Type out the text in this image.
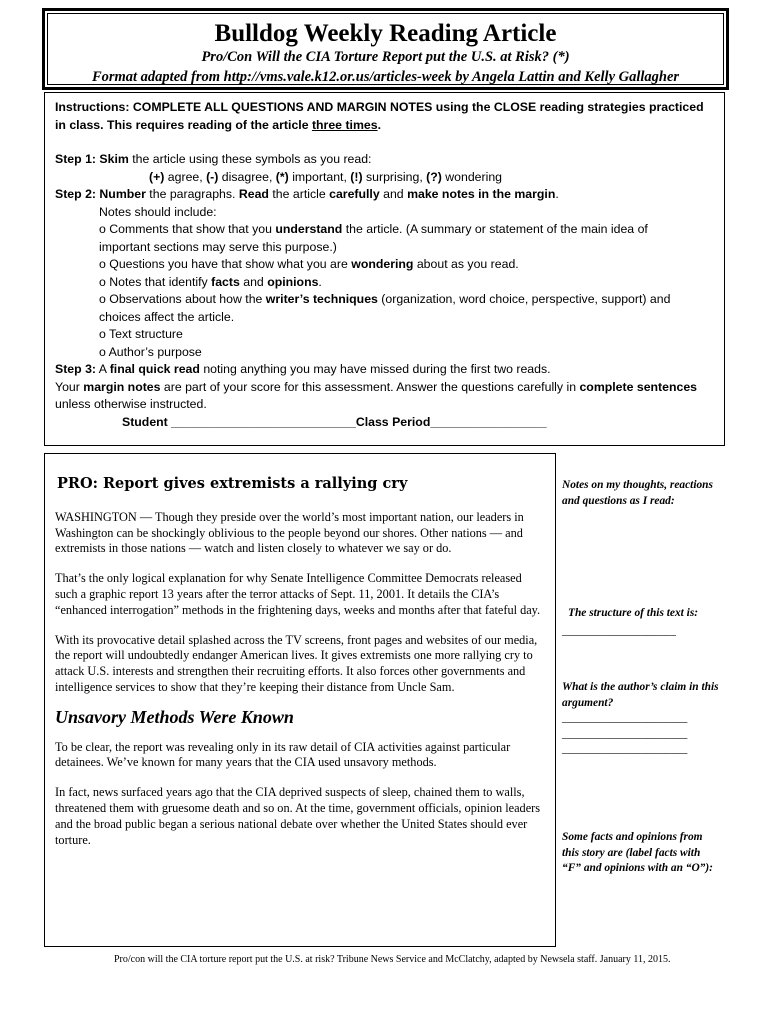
Bulldog Weekly Reading Article
Pro/Con Will the CIA Torture Report put the U.S. at Risk? (*)
Format adapted from http://vms.vale.k12.or.us/articles-week by Angela Lattin and Kelly Gallagher

Instructions: COMPLETE ALL QUESTIONS AND MARGIN NOTES using the CLOSE reading strategies practiced in class. This requires reading of the article three times.

Step 1: Skim the article using these symbols as you read:

(+) agree, (-) disagree, (*) important, (!) surprising, (?) wondering

Step 2: Number the paragraphs. Read the article carefully and make notes in the margin.

Notes should include:

o Comments that show that you understand the article. (A summary or statement of the main idea of

important sections may serve this purpose.)

o Questions you have that show what you are wondering about as you read.

o Notes that identify facts and opinions.

o Observations about how the writer’s techniques (organization, word choice, perspective, support) and

choices affect the article.

o Text structure

o Author’s purpose

Step 3: A final quick read noting anything you may have missed during the first two reads.

Your margin notes are part of your score for this assessment. Answer the questions carefully in complete sentences

unless otherwise instructed.

Student ___________________________Class Period_________________

PRO: Report gives extremists a rallying cry

WASHINGTON — Though they preside over the world’s most important nation, our leaders in Washington can be shockingly oblivious to the people beyond our shores. Other nations — and extremists in those nations — watch and listen closely to whatever we say or do.

That’s the only logical explanation for why Senate Intelligence Committee Democrats released such a graphic report 13 years after the terror attacks of Sept. 11, 2001. It details the CIA’s “enhanced interrogation” methods in the frightening days, weeks and months after that fateful day.

With its provocative detail splashed across the TV screens, front pages and websites of our media, the report will undoubtedly endanger American lives. It gives extremists one more rallying cry to attack U.S. interests and strengthen their recruiting efforts. It also forces other governments and intelligence services to show that they’re keeping their distance from Uncle Sam.

Unsavory Methods Were Known

To be clear, the report was revealing only in its raw detail of CIA activities against particular detainees. We’ve known for many years that the CIA used unsavory methods.

In fact, news surfaced years ago that the CIA deprived suspects of sleep, chained them to walls, threatened them with gruesome death and so on. At the time, government officials, opinion leaders and the broad public began a serious national debate over whether the United States should ever torture.

Notes on my thoughts, reactions and questions as I read:
The structure of this text is:
____________________
What is the author’s claim in this argument?
______________________
______________________
______________________
Some facts and opinions from this story are (label facts with “F” and opinions with an “O”):
Pro/con will the CIA torture report put the U.S. at risk? Tribune News Service and McClatchy, adapted by Newsela staff. January 11, 2015.
